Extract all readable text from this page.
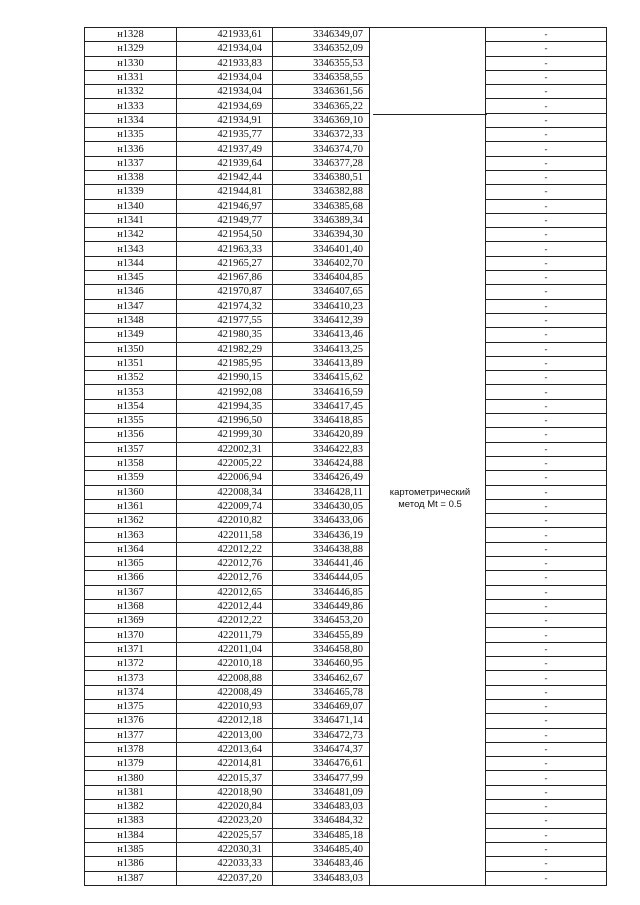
н1328	421933,61	3346349,07		-
н1329	421934,04	3346352,09		-
н1330	421933,83	3346355,53		-
н1331	421934,04	3346358,55		-
н1332	421934,04	3346361,56		-
н1333	421934,69	3346365,22		-
н1334	421934,91	3346369,10		-
н1335	421935,77	3346372,33		-
н1336	421937,49	3346374,70		-
н1337	421939,64	3346377,28		-
н1338	421942,44	3346380,51		-
н1339	421944,81	3346382,88		-
н1340	421946,97	3346385,68		-
н1341	421949,77	3346389,34		-
н1342	421954,50	3346394,30		-
н1343	421963,33	3346401,40		-
н1344	421965,27	3346402,70		-
н1345	421967,86	3346404,85		-
н1346	421970,87	3346407,65		-
н1347	421974,32	3346410,23		-
н1348	421977,55	3346412,39		-
н1349	421980,35	3346413,46		-
н1350	421982,29	3346413,25		-
н1351	421985,95	3346413,89		-
н1352	421990,15	3346415,62		-
н1353	421992,08	3346416,59		-
н1354	421994,35	3346417,45		-
н1355	421996,50	3346418,85		-
н1356	421999,30	3346420,89		-
н1357	422002,31	3346422,83		-
н1358	422005,22	3346424,88		-
н1359	422006,94	3346426,49		-
н1360	422008,34	3346428,11		-
н1361	422009,74	3346430,05		-
н1362	422010,82	3346433,06		-
н1363	422011,58	3346436,19		-
н1364	422012,22	3346438,88		-
н1365	422012,76	3346441,46		-
н1366	422012,76	3346444,05		-
н1367	422012,65	3346446,85		-
н1368	422012,44	3346449,86		-
н1369	422012,22	3346453,20		-
н1370	422011,79	3346455,89		-
н1371	422011,04	3346458,80		-
н1372	422010,18	3346460,95		-
н1373	422008,88	3346462,67		-
н1374	422008,49	3346465,78		-
н1375	422010,93	3346469,07		-
н1376	422012,18	3346471,14		-
н1377	422013,00	3346472,73		-
н1378	422013,64	3346474,37		-
н1379	422014,81	3346476,61		-
н1380	422015,37	3346477,99		-
н1381	422018,90	3346481,09		-
н1382	422020,84	3346483,03		-
н1383	422023,20	3346484,32		-
н1384	422025,57	3346485,18		-
н1385	422030,31	3346485,40		-
н1386	422033,33	3346483,46		-
н1387	422037,20	3346483,03		-
картометрический
метод Mt = 0.5
